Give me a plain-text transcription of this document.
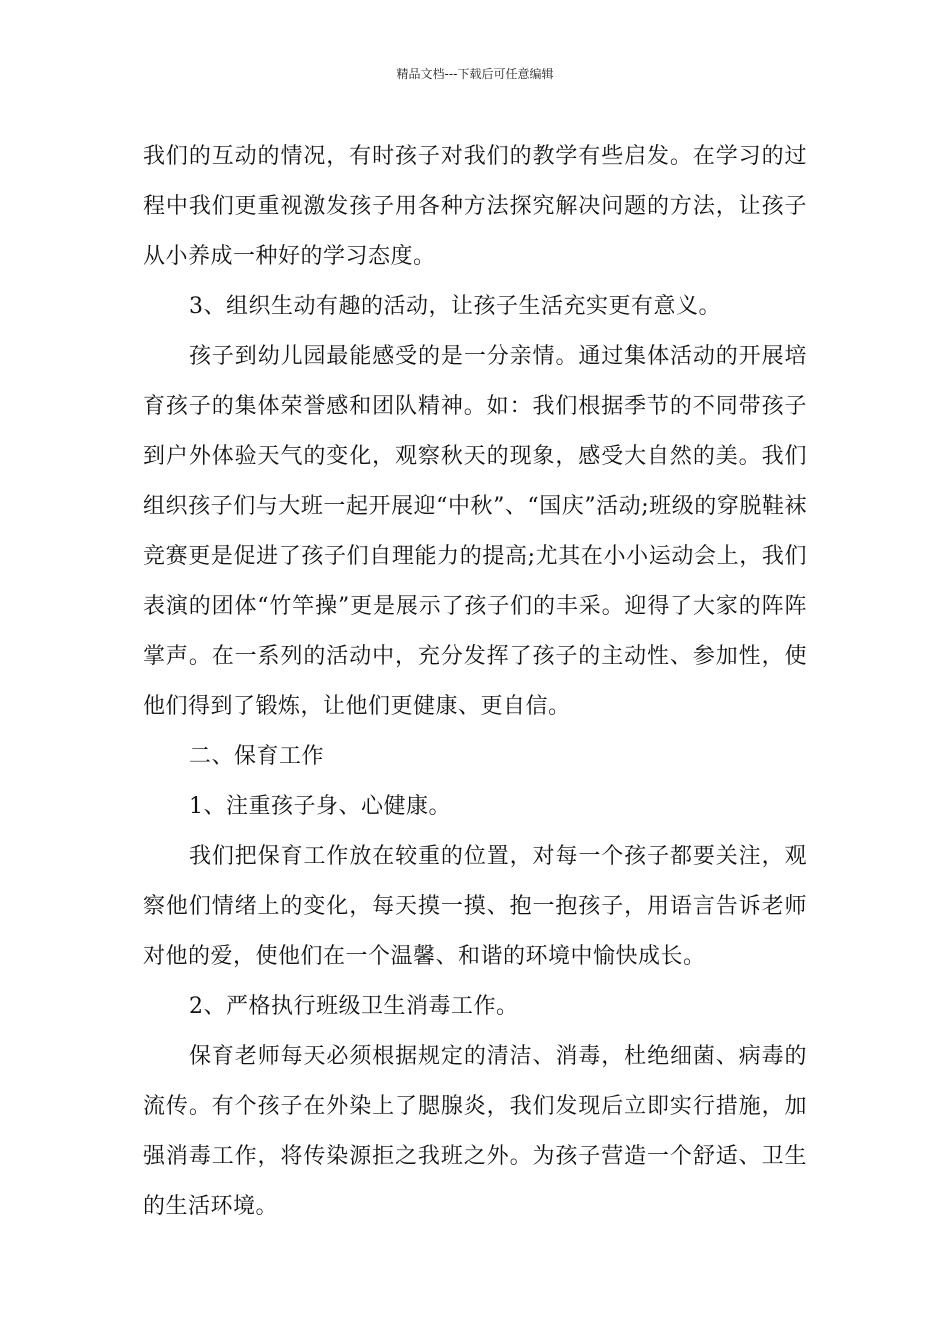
精品文档---下载后可任意编辑

我们的互动的情况，有时孩子对我们的教学有些启发。在学习的过程中我们更重视激发孩子用各种方法探究解决问题的方法，让孩子从小养成一种好的学习态度。

3、组织生动有趣的活动，让孩子生活充实更有意义。

孩子到幼儿园最能感受的是一分亲情。通过集体活动的开展培育孩子的集体荣誉感和团队精神。如：我们根据季节的不同带孩子到户外体验天气的变化，观察秋天的现象，感受大自然的美。我们组织孩子们与大班一起开展迎“中秋”、“国庆”活动;班级的穿脱鞋袜竞赛更是促进了孩子们自理能力的提高;尤其在小小运动会上，我们表演的团体“竹竿操”更是展示了孩子们的丰采。迎得了大家的阵阵掌声。在一系列的活动中，充分发挥了孩子的主动性、参加性，使他们得到了锻炼，让他们更健康、更自信。

二、保育工作

1、注重孩子身、心健康。

我们把保育工作放在较重的位置，对每一个孩子都要关注，观察他们情绪上的变化，每天摸一摸、抱一抱孩子，用语言告诉老师对他的爱，使他们在一个温馨、和谐的环境中愉快成长。

2、严格执行班级卫生消毒工作。

保育老师每天必须根据规定的清洁、消毒，杜绝细菌、病毒的流传。有个孩子在外染上了腮腺炎，我们发现后立即实行措施，加强消毒工作，将传染源拒之我班之外。为孩子营造一个舒适、卫生的生活环境。
